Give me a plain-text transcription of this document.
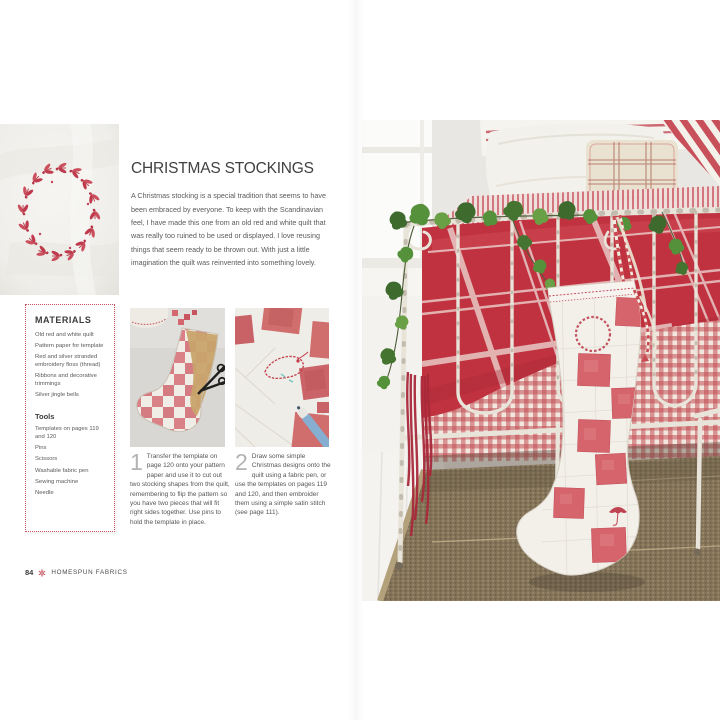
CHRISTMAS STOCKINGS

A Christmas stocking is a special tradition that seems to have been embraced by everyone. To keep with the Scandinavian feel, I have made this one from an old red and white quilt that was really too ruined to be used or displayed. I love reusing things that seem ready to be thrown out. With just a little imagination the quilt was reinvented into something lovely.

MATERIALS
Old red and white quilt
Pattern paper for template
Red and silver stranded embroidery floss (thread)
Ribbons and decorative trimmings
Silver jingle bells
Tools
Templates on pages 119 and 120
Pins
Scissors
Washable fabric pen
Sewing machine
Needle
1 Transfer the template on page 120 onto your pattern paper and use it to cut out two stocking shapes from the quilt, remembering to flip the pattern so you have two pieces that will fit right sides together. Use pins to hold the template in place.
2 Draw some simple Christmas designs onto the quilt using a fabric pen, or use the templates on pages 119 and 120, and then embroider them using a simple satin stitch (see page 111).
84	HOMESPUN FABRICS
